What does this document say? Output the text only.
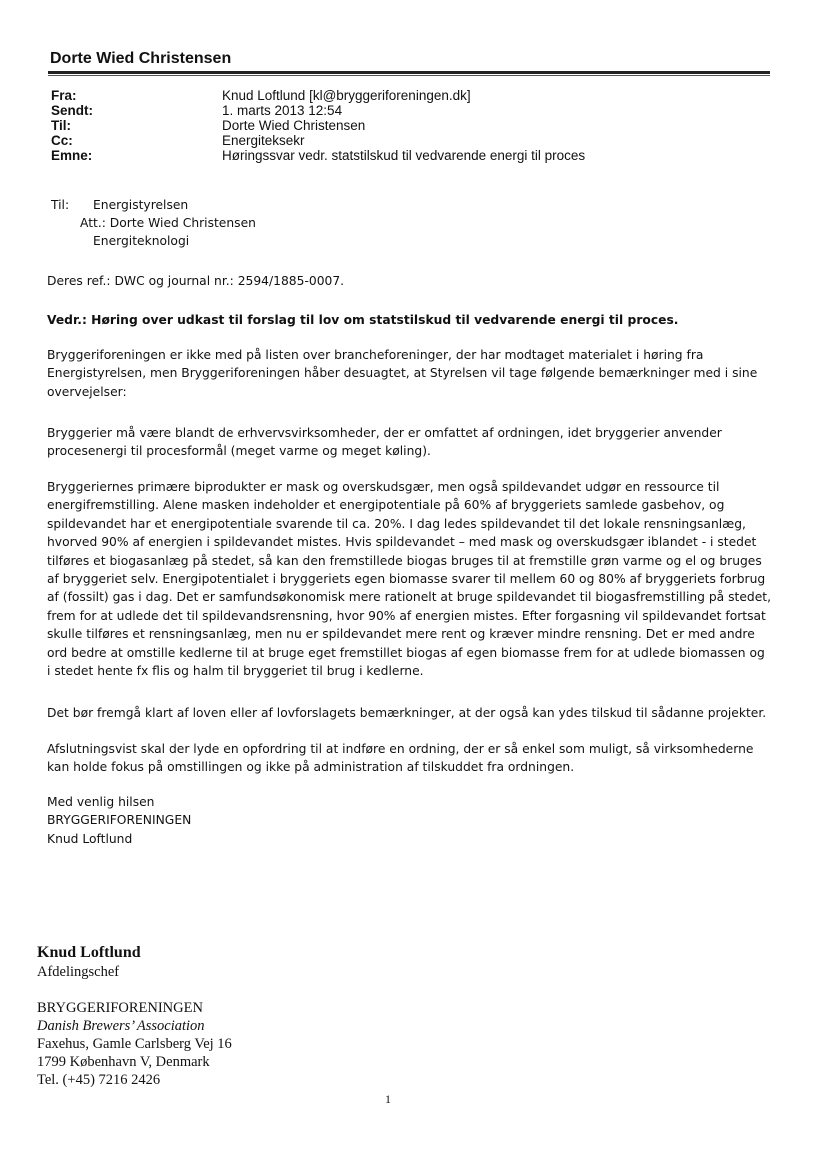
Dorte Wied Christensen
Fra:	Knud Loftlund [kl@bryggeriforeningen.dk]
Sendt:	1. marts 2013 12:54
Til:	Dorte Wied Christensen
Cc:	Energiteksekr
Emne:	Høringssvar vedr. statstilskud til vedvarende energi til proces
Til: Energistyrelsen
Att.: Dorte Wied Christensen
Energiteknologi
Deres ref.: DWC og journal nr.: 2594/1885-0007.
Vedr.: Høring over udkast til forslag til lov om statstilskud til vedvarende energi til proces.
Bryggeriforeningen er ikke med på listen over brancheforeninger, der har modtaget materialet i høring fra
Energistyrelsen, men Bryggeriforeningen håber desuagtet, at Styrelsen vil tage følgende bemærkninger med i sine
overvejelser:
Bryggerier må være blandt de erhvervsvirksomheder, der er omfattet af ordningen, idet bryggerier anvender
procesenergi til procesformål (meget varme og meget køling).
Bryggeriernes primære biprodukter er mask og overskudsgær, men også spildevandet udgør en ressource til
energifremstilling. Alene masken indeholder et energipotentiale på 60% af bryggeriets samlede gasbehov, og
spildevandet har et energipotentiale svarende til ca. 20%. I dag ledes spildevandet til det lokale rensningsanlæg,
hvorved 90% af energien i spildevandet mistes. Hvis spildevandet – med mask og overskudsgær iblandet - i stedet
tilføres et biogasanlæg på stedet, så kan den fremstillede biogas bruges til at fremstille grøn varme og el og bruges
af bryggeriet selv. Energipotentialet i bryggeriets egen biomasse svarer til mellem 60 og 80% af bryggeriets forbrug
af (fossilt) gas i dag. Det er samfundsøkonomisk mere rationelt at bruge spildevandet til biogasfremstilling på stedet,
frem for at udlede det til spildevandsrensning, hvor 90% af energien mistes. Efter forgasning vil spildevandet fortsat
skulle tilføres et rensningsanlæg, men nu er spildevandet mere rent og kræver mindre rensning. Det er med andre
ord bedre at omstille kedlerne til at bruge eget fremstillet biogas af egen biomasse frem for at udlede biomassen og
i stedet hente fx flis og halm til bryggeriet til brug i kedlerne.
Det bør fremgå klart af loven eller af lovforslagets bemærkninger, at der også kan ydes tilskud til sådanne projekter.
Afslutningsvist skal der lyde en opfordring til at indføre en ordning, der er så enkel som muligt, så virksomhederne
kan holde fokus på omstillingen og ikke på administration af tilskuddet fra ordningen.
Med venlig hilsen
BRYGGERIFORENINGEN
Knud Loftlund
Knud Loftlund
Afdelingschef
BRYGGERIFORENINGEN
Danish Brewers’ Association
Faxehus, Gamle Carlsberg Vej 16
1799 København V, Denmark
Tel. (+45) 7216 2426
1
